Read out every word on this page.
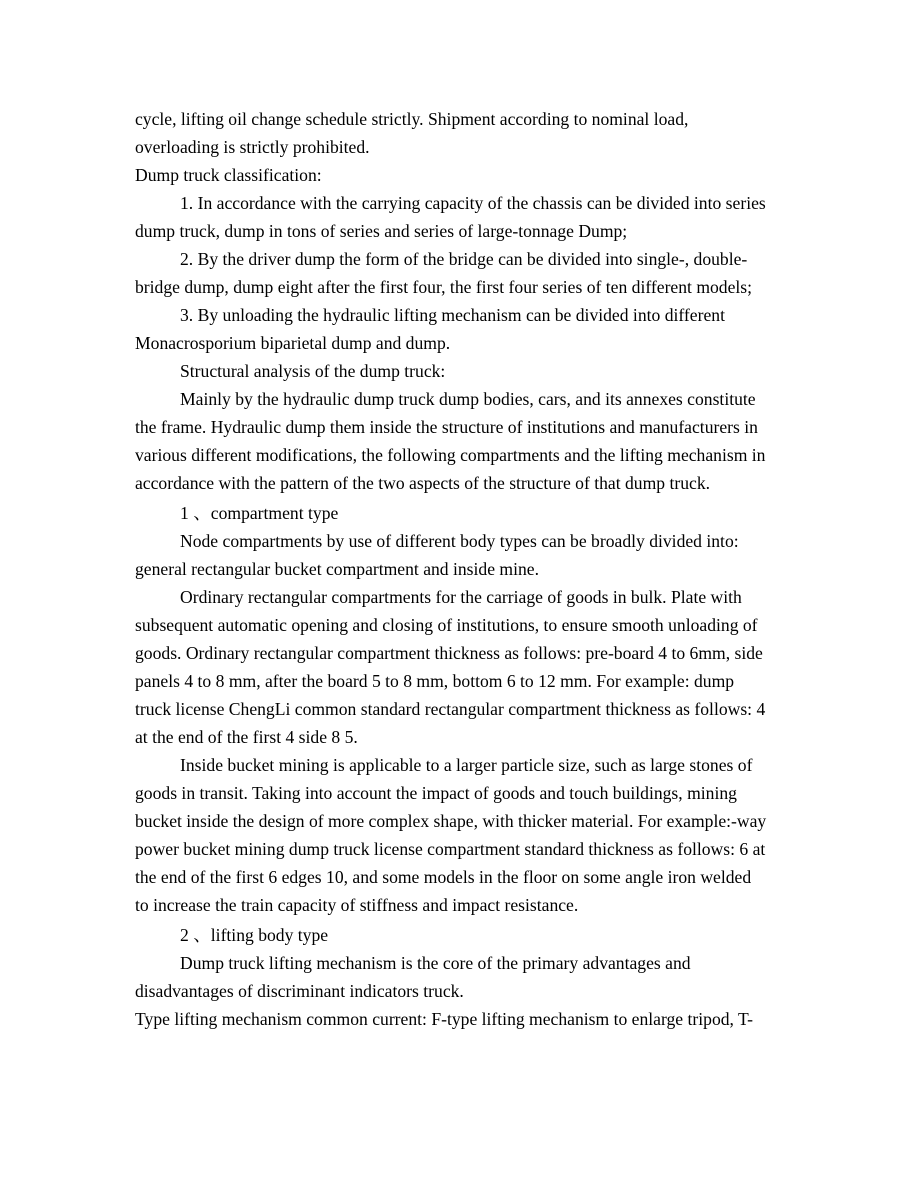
cycle, lifting oil change schedule strictly. Shipment according to nominal load,

overloading is strictly prohibited.

Dump truck classification:

1. In accordance with the carrying capacity of the chassis can be divided into series

dump truck, dump in tons of series and series of large-tonnage Dump;

2. By the driver dump the form of the bridge can be divided into single-, double-

bridge dump, dump eight after the first four, the first four series of ten different models;

3. By unloading the hydraulic lifting mechanism can be divided into different

Monacrosporium biparietal dump and dump.

Structural analysis of the dump truck:

Mainly by the hydraulic dump truck dump bodies, cars, and its annexes constitute

the frame. Hydraulic dump them inside the structure of institutions and manufacturers in

various different modifications, the following compartments and the lifting mechanism in

accordance with the pattern of the two aspects of the structure of that dump truck.

1 、compartment type

Node compartments by use of different body types can be broadly divided into:

general rectangular bucket compartment and inside mine.

Ordinary rectangular compartments for the carriage of goods in bulk. Plate with

subsequent automatic opening and closing of institutions, to ensure smooth unloading of

goods. Ordinary rectangular compartment thickness as follows: pre-board 4 to 6mm, side

panels 4 to 8 mm, after the board 5 to 8 mm, bottom 6 to 12 mm. For example: dump

truck license ChengLi common standard rectangular compartment thickness as follows: 4

at the end of the first 4 side 8 5.

Inside bucket mining is applicable to a larger particle size, such as large stones of

goods in transit. Taking into account the impact of goods and touch buildings, mining

bucket inside the design of more complex shape, with thicker material. For example:-way

power bucket mining dump truck license compartment standard thickness as follows: 6 at

the end of the first 6 edges 10, and some models in the floor on some angle iron welded

to increase the train capacity of stiffness and impact resistance.

2 、lifting body type

Dump truck lifting mechanism is the core of the primary advantages and

disadvantages of discriminant indicators truck.

Type lifting mechanism common current: F-type lifting mechanism to enlarge tripod, T-
